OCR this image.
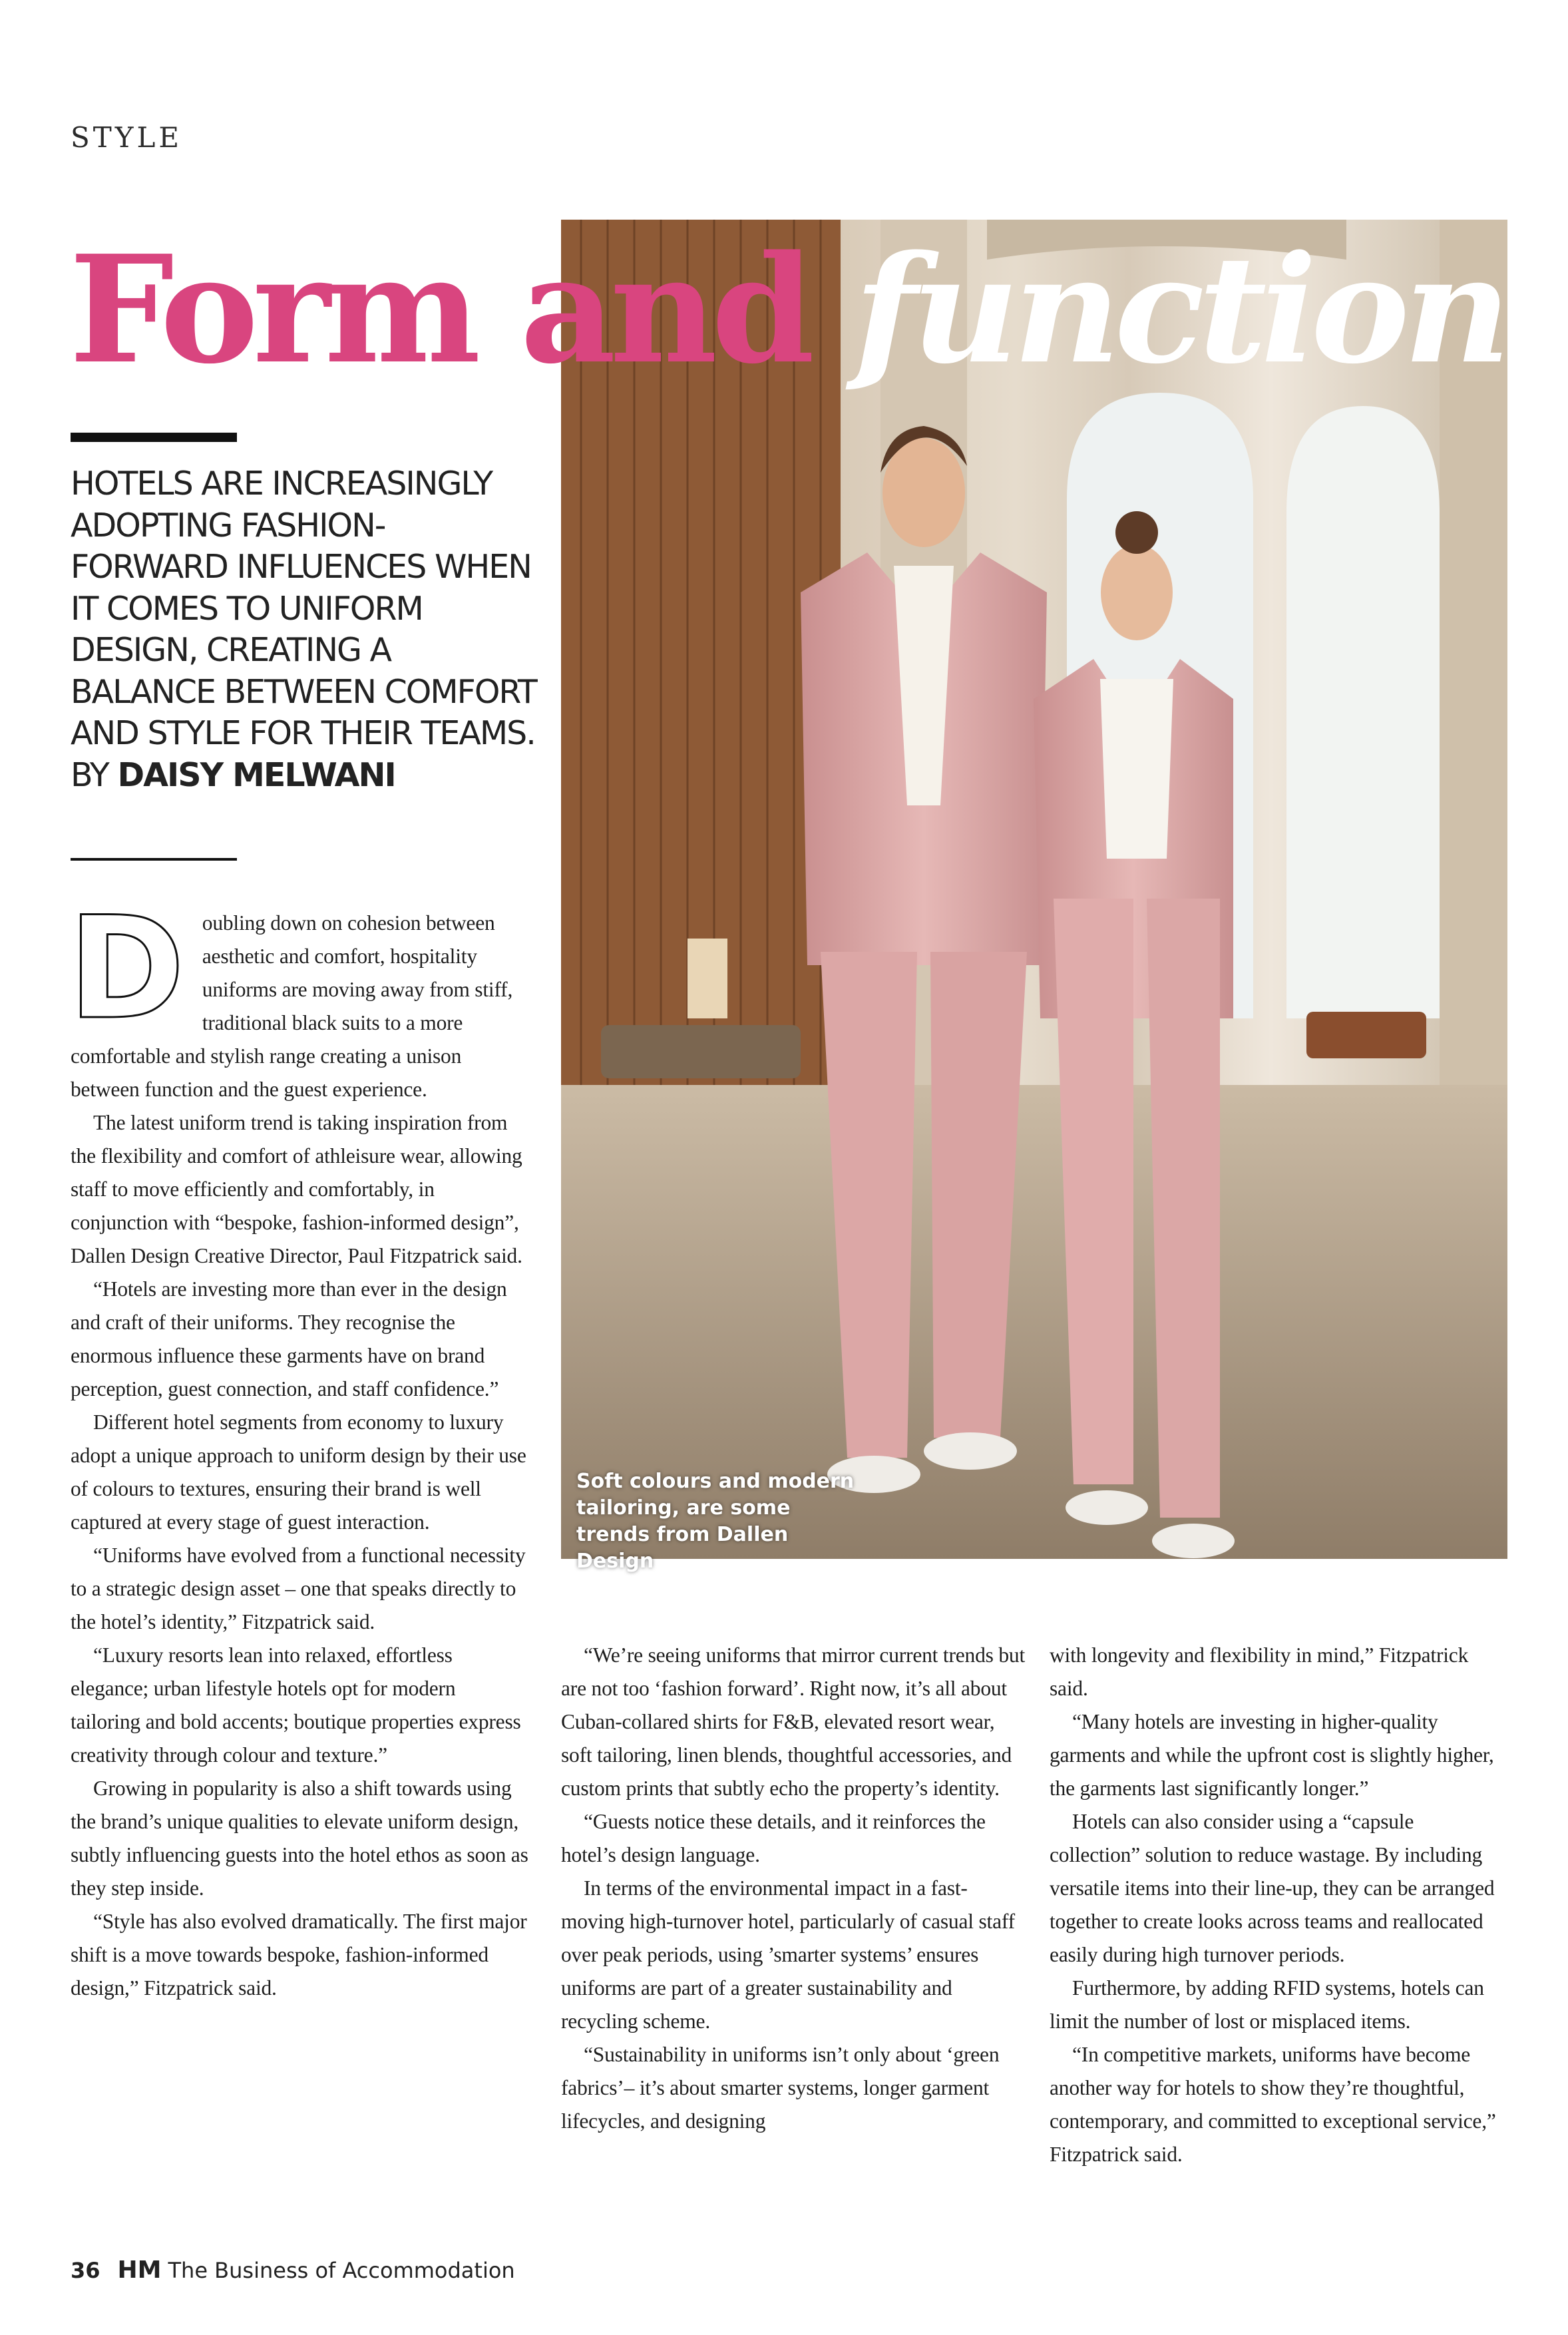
STYLE
Soft colours and modern tailoring, are some trends from Dallen Design
Form and function
HOTELS ARE INCREASINGLY ADOPTING FASHION-FORWARD INFLUENCES WHEN IT COMES TO UNIFORM DESIGN, CREATING A BALANCE BETWEEN COMFORT AND STYLE FOR THEIR TEAMS.
BY DAISY MELWANI

Doubling down on cohesion between aesthetic and comfort, hospitality uniforms are moving away from stiff, traditional black suits to a more comfortable and stylish range creating a unison between function and the guest experience.

The latest uniform trend is taking inspiration from the flexibility and comfort of athleisure wear, allowing staff to move efficiently and comfortably, in conjunction with “bespoke, fashion-informed design”, Dallen Design Creative Director, Paul Fitzpatrick said.

“Hotels are investing more than ever in the design and craft of their uniforms. They recognise the enormous influence these garments have on brand perception, guest connection, and staff confidence.”

Different hotel segments from economy to luxury adopt a unique approach to uniform design by their use of colours to textures, ensuring their brand is well captured at every stage of guest interaction.

“Uniforms have evolved from a functional necessity to a strategic design asset – one that speaks directly to the hotel’s identity,” Fitzpatrick said.

“Luxury resorts lean into relaxed, effortless elegance; urban lifestyle hotels opt for modern tailoring and bold accents; boutique properties express creativity through colour and texture.”

Growing in popularity is also a shift towards using the brand’s unique qualities to elevate uniform design, subtly influencing guests into the hotel ethos as soon as they step inside.

“Style has also evolved dramatically. The first major shift is a move towards bespoke, fashion-informed design,” Fitzpatrick said.

“We’re seeing uniforms that mirror current trends but are not too ‘fashion forward’. Right now, it’s all about Cuban-collared shirts for F&B, elevated resort wear, soft tailoring, linen blends, thoughtful accessories, and custom prints that subtly echo the property’s identity.

“Guests notice these details, and it reinforces the hotel’s design language.

In terms of the environmental impact in a fast-moving high-turnover hotel, particularly of casual staff over peak periods, using ’smarter systems’ ensures uniforms are part of a greater sustainability and recycling scheme.

“Sustainability in uniforms isn’t only about ‘green fabrics’– it’s about smarter systems, longer garment lifecycles, and designing

with longevity and flexibility in mind,” Fitzpatrick said.

“Many hotels are investing in higher-quality garments and while the upfront cost is slightly higher, the garments last significantly longer.”

Hotels can also consider using a “capsule collection” solution to reduce wastage. By including versatile items into their line-up, they can be arranged together to create looks across teams and reallocated easily during high turnover periods.

Furthermore, by adding RFID systems, hotels can limit the number of lost or misplaced items.

“In competitive markets, uniforms have become another way for hotels to show they’re thoughtful, contemporary, and committed to exceptional service,” Fitzpatrick said.

36 HM The Business of Accommodation
